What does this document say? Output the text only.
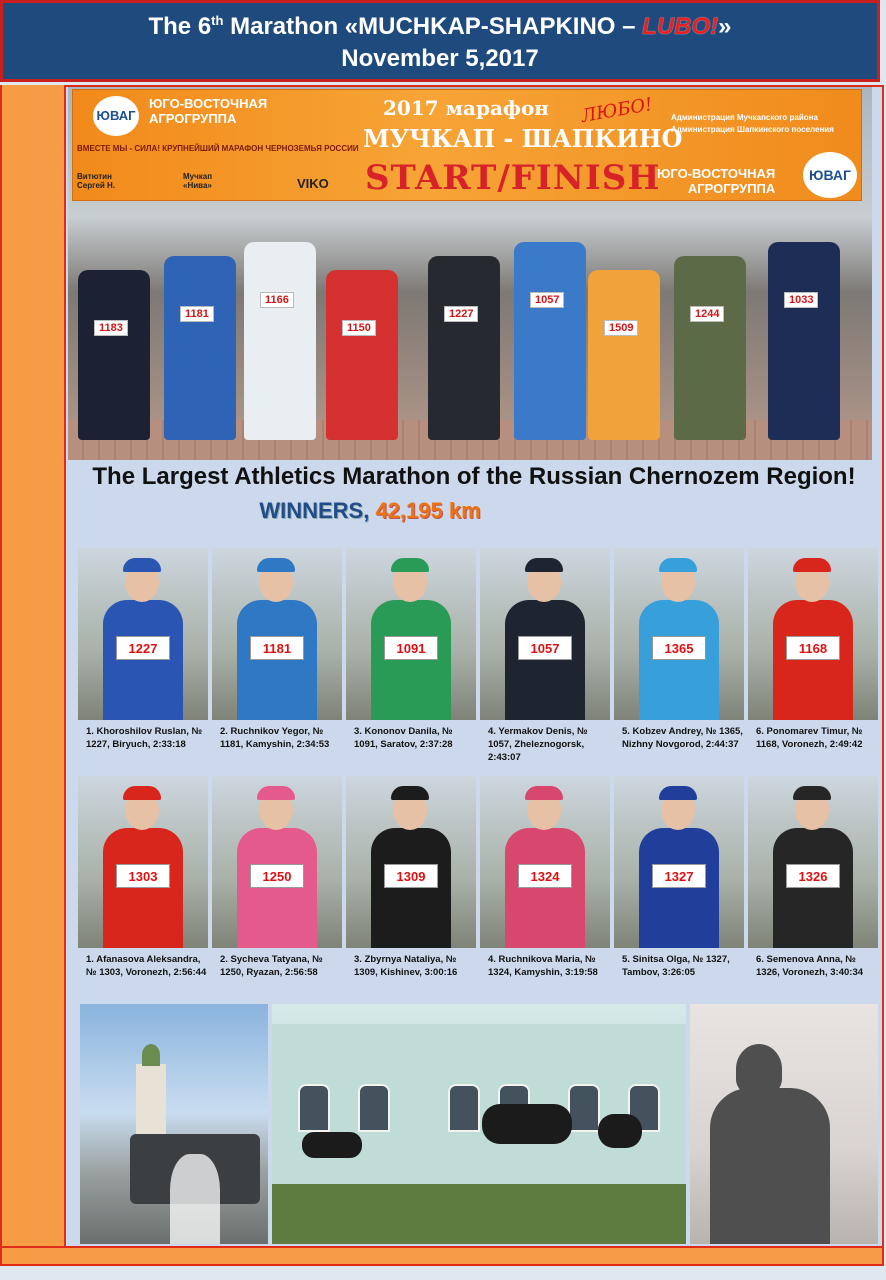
The 6th Marathon «MUCHKAP-SHAPKINO – LUBO!»
November 5,2017
ЮВАГ
ЮГО-ВОСТОЧНАЯ
АГРОГРУППА	2017 марафон ЛЮБО!
МУЧКАП - ШАПКИНО
START/FINISH
ВМЕСТЕ МЫ - СИЛА! КРУПНЕЙШИЙ МАРАФОН ЧЕРНОЗЕМЬЯ РОССИИ
Витютин Сергей Н.
Мучкап «Нива»	VIKO
Администрация Мучкапского района
Администрация Шапкинского поселения
ЮГО-ВОСТОЧНАЯ
АГРОГРУППА
ЮВАГ
1183
1181
1166
1150
1227
1057
1509
1244
1033
The Largest Athletics Marathon of the Russian Chernozem Region!
WINNERS, 42,195 km
1227
1. Khoroshilov Ruslan, № 1227, Biryuch, 2:33:18
1181
2. Ruchnikov Yegor, № 1181, Kamyshin, 2:34:53
1091
3. Kononov Danila, № 1091, Saratov, 2:37:28
1057
4. Yermakov Denis, № 1057, Zheleznogorsk, 2:43:07
1365
5. Kobzev Andrey, № 1365, Nizhny Novgorod, 2:44:37
1168
6. Ponomarev Timur, № 1168, Voronezh, 2:49:42
1303
1. Afanasova Aleksandra, № 1303, Voronezh, 2:56:44
1250
2. Sycheva Tatyana, № 1250, Ryazan, 2:56:58
1309
3. Zbyrnya Nataliya, № 1309, Kishinev, 3:00:16
1324
4. Ruchnikova Maria, № 1324, Kamyshin, 3:19:58
1327
5. Sinitsa Olga, № 1327, Tambov, 3:26:05
1326
6. Semenova Anna, № 1326, Voronezh, 3:40:34
